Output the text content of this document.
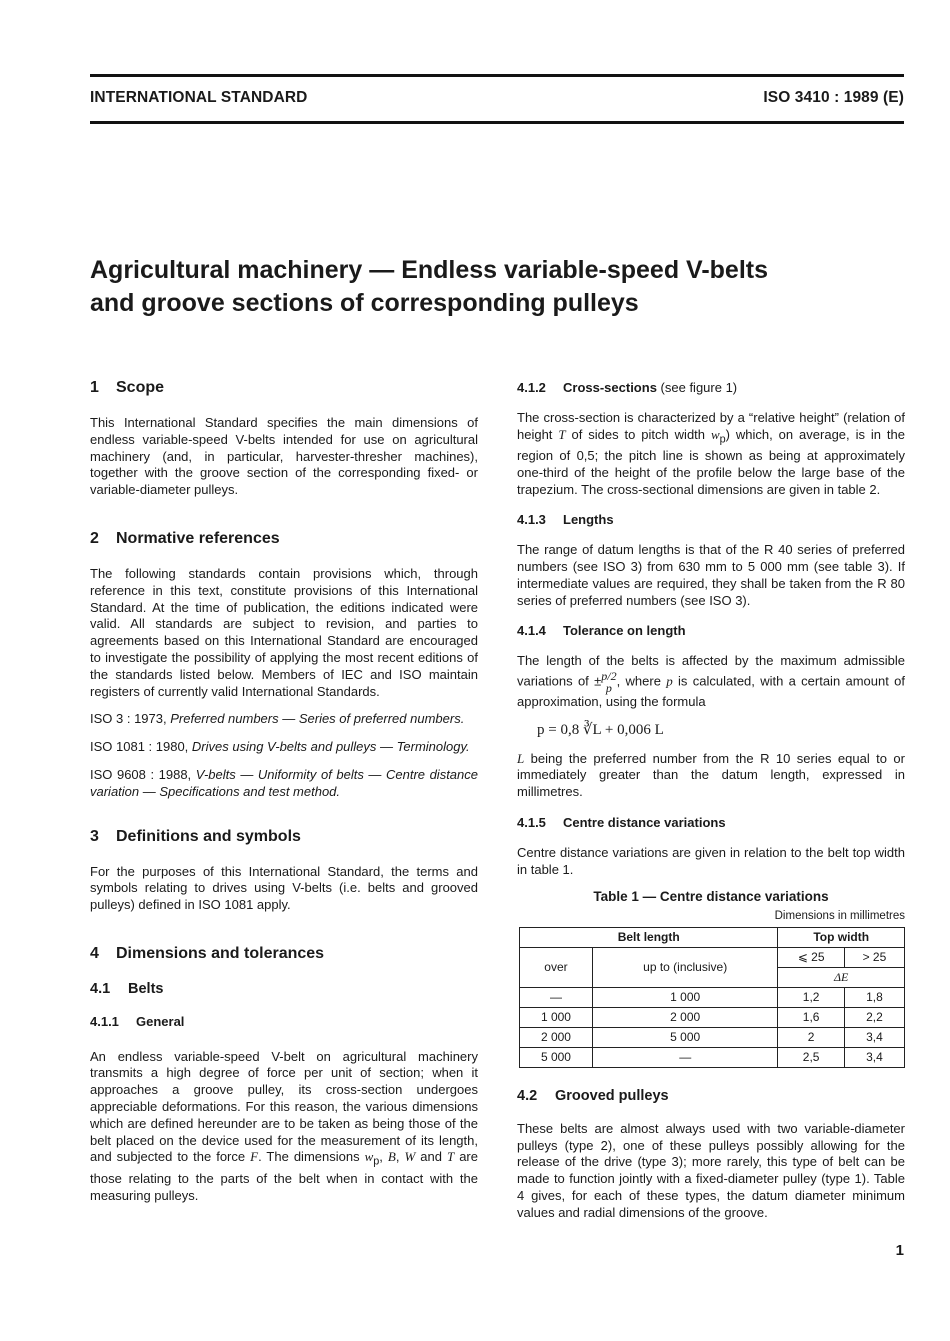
INTERNATIONAL STANDARD	ISO 3410 : 1989 (E)
Agricultural machinery — Endless variable-speed V-belts
and groove sections of corresponding pulleys
1 Scope

This International Standard specifies the main dimensions of endless variable-speed V-belts intended for use on agricultural machinery (and, in particular, harvester-thresher machines), together with the groove section of the corresponding fixed- or variable-diameter pulleys.

2 Normative references

The following standards contain provisions which, through reference in this text, constitute provisions of this International Standard. At the time of publication, the editions indicated were valid. All standards are subject to revision, and parties to agreements based on this International Standard are encouraged to investigate the possibility of applying the most recent editions of the standards listed below. Members of IEC and ISO maintain registers of currently valid International Standards.

ISO 3 : 1973, Preferred numbers — Series of preferred numbers.

ISO 1081 : 1980, Drives using V-belts and pulleys — Terminology.

ISO 9608 : 1988, V-belts — Uniformity of belts — Centre distance variation — Specifications and test method.

3 Definitions and symbols

For the purposes of this International Standard, the terms and symbols relating to drives using V-belts (i.e. belts and grooved pulleys) defined in ISO 1081 apply.

4 Dimensions and tolerances
4.1 Belts
4.1.1 General

An endless variable-speed V-belt on agricultural machinery transmits a high degree of force per unit of section; when it approaches a groove pulley, its cross-section undergoes appreciable deformations. For this reason, the various dimensions which are defined hereunder are to be taken as being those of the belt placed on the device used for the measurement of its length, and subjected to the force F. The dimensions $w_p$, B, W and T are those relating to the parts of the belt when in contact with the measuring pulleys.

4.1.2 Cross-sections (see figure 1)

The cross-section is characterized by a “relative height” (relation of height T of sides to pitch width $w_p$) which, on average, is in the region of 0,5; the pitch line is shown as being at approximately one-third of the height of the profile below the large base of the trapezium. The cross-sectional dimensions are given in table 2.

4.1.3 Lengths

The range of datum lengths is that of the R 40 series of preferred numbers (see ISO 3) from 630 mm to 5 000 mm (see table 3). If intermediate values are required, they shall be taken from the R 80 series of preferred numbers (see ISO 3).

4.1.4 Tolerance on length

The length of the belts is affected by the maximum admissible variations of ± p/2
p , where p is calculated, with a certain amount of approximation, using the formula

p = 0,8 ∛L + 0,006 L

L being the preferred number from the R 10 series equal to or immediately greater than the datum length, expressed in millimetres.

4.1.5 Centre distance variations

Centre distance variations are given in relation to the belt top width in table 1.

Table 1 — Centre distance variations
Dimensions in millimetres
Belt length		Top width	
over	up to (inclusive)	⩽ 25	> 25
		ΔE	
—	1 000	1,2	1,8
1 000	2 000	1,6	2,2
2 000	5 000	2	3,4
5 000	—	2,5	3,4
4.2 Grooved pulleys

These belts are almost always used with two variable-diameter pulleys (type 2), one of these pulleys possibly allowing for the release of the drive (type 3); more rarely, this type of belt can be made to function jointly with a fixed-diameter pulley (type 1). Table 4 gives, for each of these types, the datum diameter minimum values and radial dimensions of the groove.

1
